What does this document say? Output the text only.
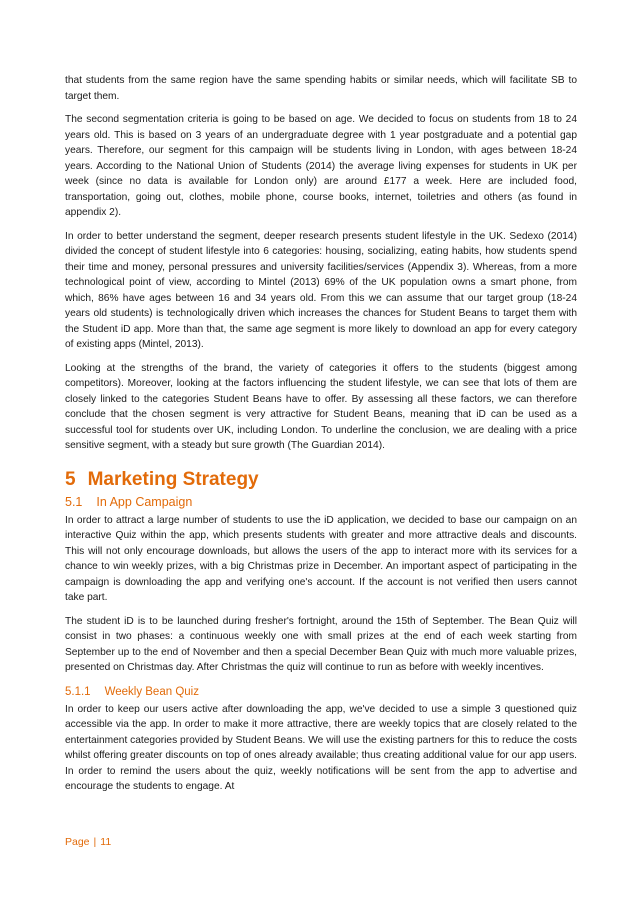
that students from the same region have the same spending habits or similar needs, which will facilitate SB to target them.

The second segmentation criteria is going to be based on age. We decided to focus on students from 18 to 24 years old. This is based on 3 years of an undergraduate degree with 1 year postgraduate and a potential gap years. Therefore, our segment for this campaign will be students living in London, with ages between 18-24 years. According to the National Union of Students (2014) the average living expenses for students in UK per week (since no data is available for London only) are around £177 a week. Here are included food, transportation, going out, clothes, mobile phone, course books, internet, toiletries and others (as found in appendix 2).

In order to better understand the segment, deeper research presents student lifestyle in the UK. Sedexo (2014) divided the concept of student lifestyle into 6 categories: housing, socializing, eating habits, how students spend their time and money, personal pressures and university facilities/services (Appendix 3). Whereas, from a more technological point of view, according to Mintel (2013) 69% of the UK population owns a smart phone, from which, 86% have ages between 16 and 34 years old. From this we can assume that our target group (18-24 years old students) is technologically driven which increases the chances for Student Beans to target them with the Student iD app. More than that, the same age segment is more likely to download an app for every category of existing apps (Mintel, 2013).

Looking at the strengths of the brand, the variety of categories it offers to the students (biggest among competitors). Moreover, looking at the factors influencing the student lifestyle, we can see that lots of them are closely linked to the categories Student Beans have to offer. By assessing all these factors, we can therefore conclude that the chosen segment is very attractive for Student Beans, meaning that iD can be used as a successful tool for students over UK, including London. To underline the conclusion, we are dealing with a price sensitive segment, with a steady but sure growth (The Guardian 2014).

5 Marketing Strategy
5.1 In App Campaign

In order to attract a large number of students to use the iD application, we decided to base our campaign on an interactive Quiz within the app, which presents students with greater and more attractive deals and discounts. This will not only encourage downloads, but allows the users of the app to interact more with its services for a chance to win weekly prizes, with a big Christmas prize in December. An important aspect of participating in the campaign is downloading the app and verifying one's account. If the account is not verified then users cannot take part.

The student iD is to be launched during fresher's fortnight, around the 15th of September. The Bean Quiz will consist in two phases: a continuous weekly one with small prizes at the end of each week starting from September up to the end of November and then a special December Bean Quiz with much more valuable prizes, presented on Christmas day. After Christmas the quiz will continue to run as before with weekly incentives.

5.1.1 Weekly Bean Quiz

In order to keep our users active after downloading the app, we've decided to use a simple 3 questioned quiz accessible via the app. In order to make it more attractive, there are weekly topics that are closely related to the entertainment categories provided by Student Beans. We will use the existing partners for this to reduce the costs whilst offering greater discounts on top of ones already available; thus creating additional value for our app users. In order to remind the users about the quiz, weekly notifications will be sent from the app to advertise and encourage the students to engage. At

Page | 11
